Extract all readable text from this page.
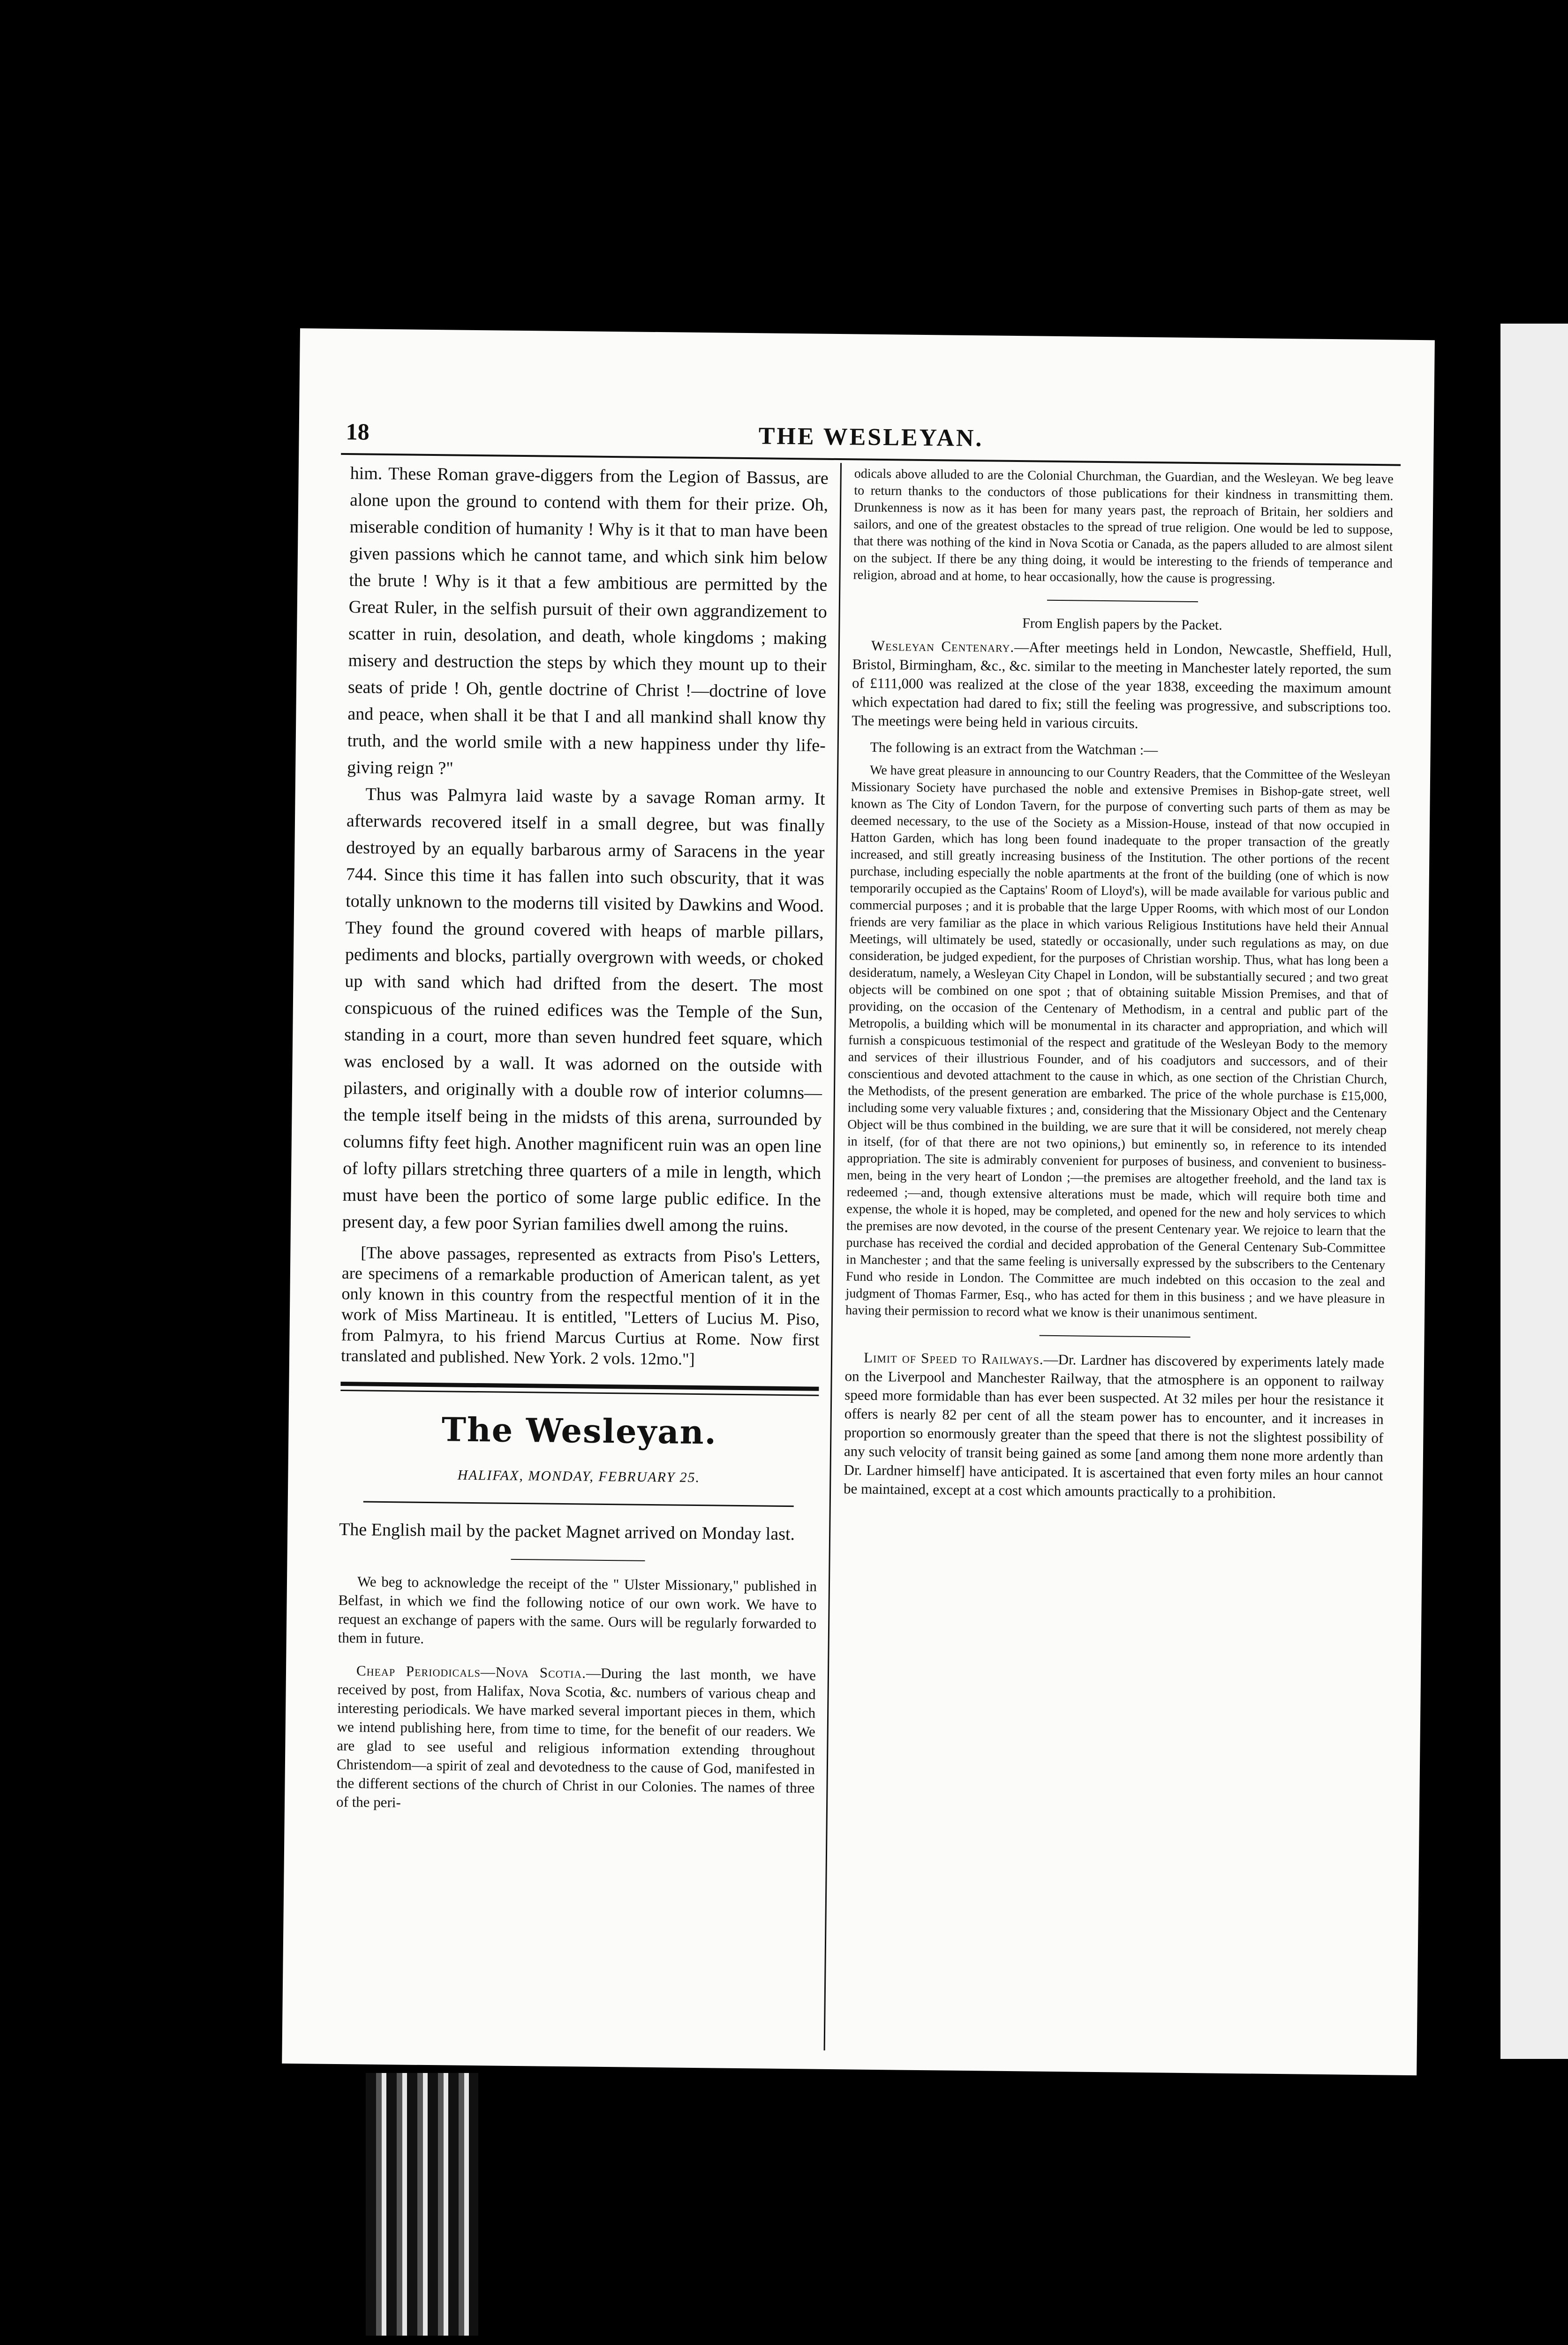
18	THE WESLEYAN.

him. These Roman grave-diggers from the Legion of Bassus, are alone upon the ground to contend with them for their prize. Oh, miserable condition of humanity ! Why is it that to man have been given passions which he cannot tame, and which sink him below the brute ! Why is it that a few ambitious are permitted by the Great Ruler, in the selfish pursuit of their own aggrandizement to scatter in ruin, desolation, and death, whole kingdoms ; making misery and destruction the steps by which they mount up to their seats of pride ! Oh, gentle doctrine of Christ !—doctrine of love and peace, when shall it be that I and all mankind shall know thy truth, and the world smile with a new happiness under thy life-giving reign ?"

Thus was Palmyra laid waste by a savage Roman army. It afterwards recovered itself in a small degree, but was finally destroyed by an equally barbarous army of Saracens in the year 744. Since this time it has fallen into such obscurity, that it was totally unknown to the moderns till visited by Dawkins and Wood. They found the ground covered with heaps of marble pillars, pediments and blocks, partially overgrown with weeds, or choked up with sand which had drifted from the desert. The most conspicuous of the ruined edifices was the Temple of the Sun, standing in a court, more than seven hundred feet square, which was enclosed by a wall. It was adorned on the outside with pilasters, and originally with a double row of interior columns—the temple itself being in the midsts of this arena, surrounded by columns fifty feet high. Another magnificent ruin was an open line of lofty pillars stretching three quarters of a mile in length, which must have been the portico of some large public edifice. In the present day, a few poor Syrian families dwell among the ruins.

[The above passages, represented as extracts from Piso's Letters, are specimens of a remarkable production of American talent, as yet only known in this country from the respectful mention of it in the work of Miss Martineau. It is entitled, "Letters of Lucius M. Piso, from Palmyra, to his friend Marcus Curtius at Rome. Now first translated and published. New York. 2 vols. 12mo."]

The Wesleyan.
HALIFAX, MONDAY, FEBRUARY 25.

The English mail by the packet Magnet arrived on Monday last.

We beg to acknowledge the receipt of the " Ulster Missionary," published in Belfast, in which we find the following notice of our own work. We have to request an exchange of papers with the same. Ours will be regularly forwarded to them in future.

Cheap Periodicals—Nova Scotia.—During the last month, we have received by post, from Halifax, Nova Scotia, &c. numbers of various cheap and interesting periodicals. We have marked several important pieces in them, which we intend publishing here, from time to time, for the benefit of our readers. We are glad to see useful and religious information extending throughout Christendom—a spirit of zeal and devotedness to the cause of God, manifested in the different sections of the church of Christ in our Colonies. The names of three of the peri-

odicals above alluded to are the Colonial Churchman, the Guardian, and the Wesleyan. We beg leave to return thanks to the conductors of those publications for their kindness in transmitting them. Drunkenness is now as it has been for many years past, the reproach of Britain, her soldiers and sailors, and one of the greatest obstacles to the spread of true religion. One would be led to suppose, that there was nothing of the kind in Nova Scotia or Canada, as the papers alluded to are almost silent on the subject. If there be any thing doing, it would be interesting to the friends of temperance and religion, abroad and at home, to hear occasionally, how the cause is progressing.

From English papers by the Packet.

Wesleyan Centenary.—After meetings held in London, Newcastle, Sheffield, Hull, Bristol, Birmingham, &c., &c. similar to the meeting in Manchester lately reported, the sum of £111,000 was realized at the close of the year 1838, exceeding the maximum amount which expectation had dared to fix; still the feeling was progressive, and subscriptions too. The meetings were being held in various circuits.

The following is an extract from the Watchman :—

We have great pleasure in announcing to our Country Readers, that the Committee of the Wesleyan Missionary Society have purchased the noble and extensive Premises in Bishop-gate street, well known as The City of London Tavern, for the purpose of converting such parts of them as may be deemed necessary, to the use of the Society as a Mission-House, instead of that now occupied in Hatton Garden, which has long been found inadequate to the proper transaction of the greatly increased, and still greatly increasing business of the Institution. The other portions of the recent purchase, including especially the noble apartments at the front of the building (one of which is now temporarily occupied as the Captains' Room of Lloyd's), will be made available for various public and commercial purposes ; and it is probable that the large Upper Rooms, with which most of our London friends are very familiar as the place in which various Religious Institutions have held their Annual Meetings, will ultimately be used, statedly or occasionally, under such regulations as may, on due consideration, be judged expedient, for the purposes of Christian worship. Thus, what has long been a desideratum, namely, a Wesleyan City Chapel in London, will be substantially secured ; and two great objects will be combined on one spot ; that of obtaining suitable Mission Premises, and that of providing, on the occasion of the Centenary of Methodism, in a central and public part of the Metropolis, a building which will be monumental in its character and appropriation, and which will furnish a conspicuous testimonial of the respect and gratitude of the Wesleyan Body to the memory and services of their illustrious Founder, and of his coadjutors and successors, and of their conscientious and devoted attachment to the cause in which, as one section of the Christian Church, the Methodists, of the present generation are embarked. The price of the whole purchase is £15,000, including some very valuable fixtures ; and, considering that the Missionary Object and the Centenary Object will be thus combined in the building, we are sure that it will be considered, not merely cheap in itself, (for of that there are not two opinions,) but eminently so, in reference to its intended appropriation. The site is admirably convenient for purposes of business, and convenient to business-men, being in the very heart of London ;—the premises are altogether freehold, and the land tax is redeemed ;—and, though extensive alterations must be made, which will require both time and expense, the whole it is hoped, may be completed, and opened for the new and holy services to which the premises are now devoted, in the course of the present Centenary year. We rejoice to learn that the purchase has received the cordial and decided approbation of the General Centenary Sub-Committee in Manchester ; and that the same feeling is universally expressed by the subscribers to the Centenary Fund who reside in London. The Committee are much indebted on this occasion to the zeal and judgment of Thomas Farmer, Esq., who has acted for them in this business ; and we have pleasure in having their permission to record what we know is their unanimous sentiment.

Limit of Speed to Railways.—Dr. Lardner has discovered by experiments lately made on the Liverpool and Manchester Railway, that the atmosphere is an opponent to railway speed more formidable than has ever been suspected. At 32 miles per hour the resistance it offers is nearly 82 per cent of all the steam power has to encounter, and it increases in proportion so enormously greater than the speed that there is not the slightest possibility of any such velocity of transit being gained as some [and among them none more ardently than Dr. Lardner himself] have anticipated. It is ascertained that even forty miles an hour cannot be maintained, except at a cost which amounts practically to a prohibition.
